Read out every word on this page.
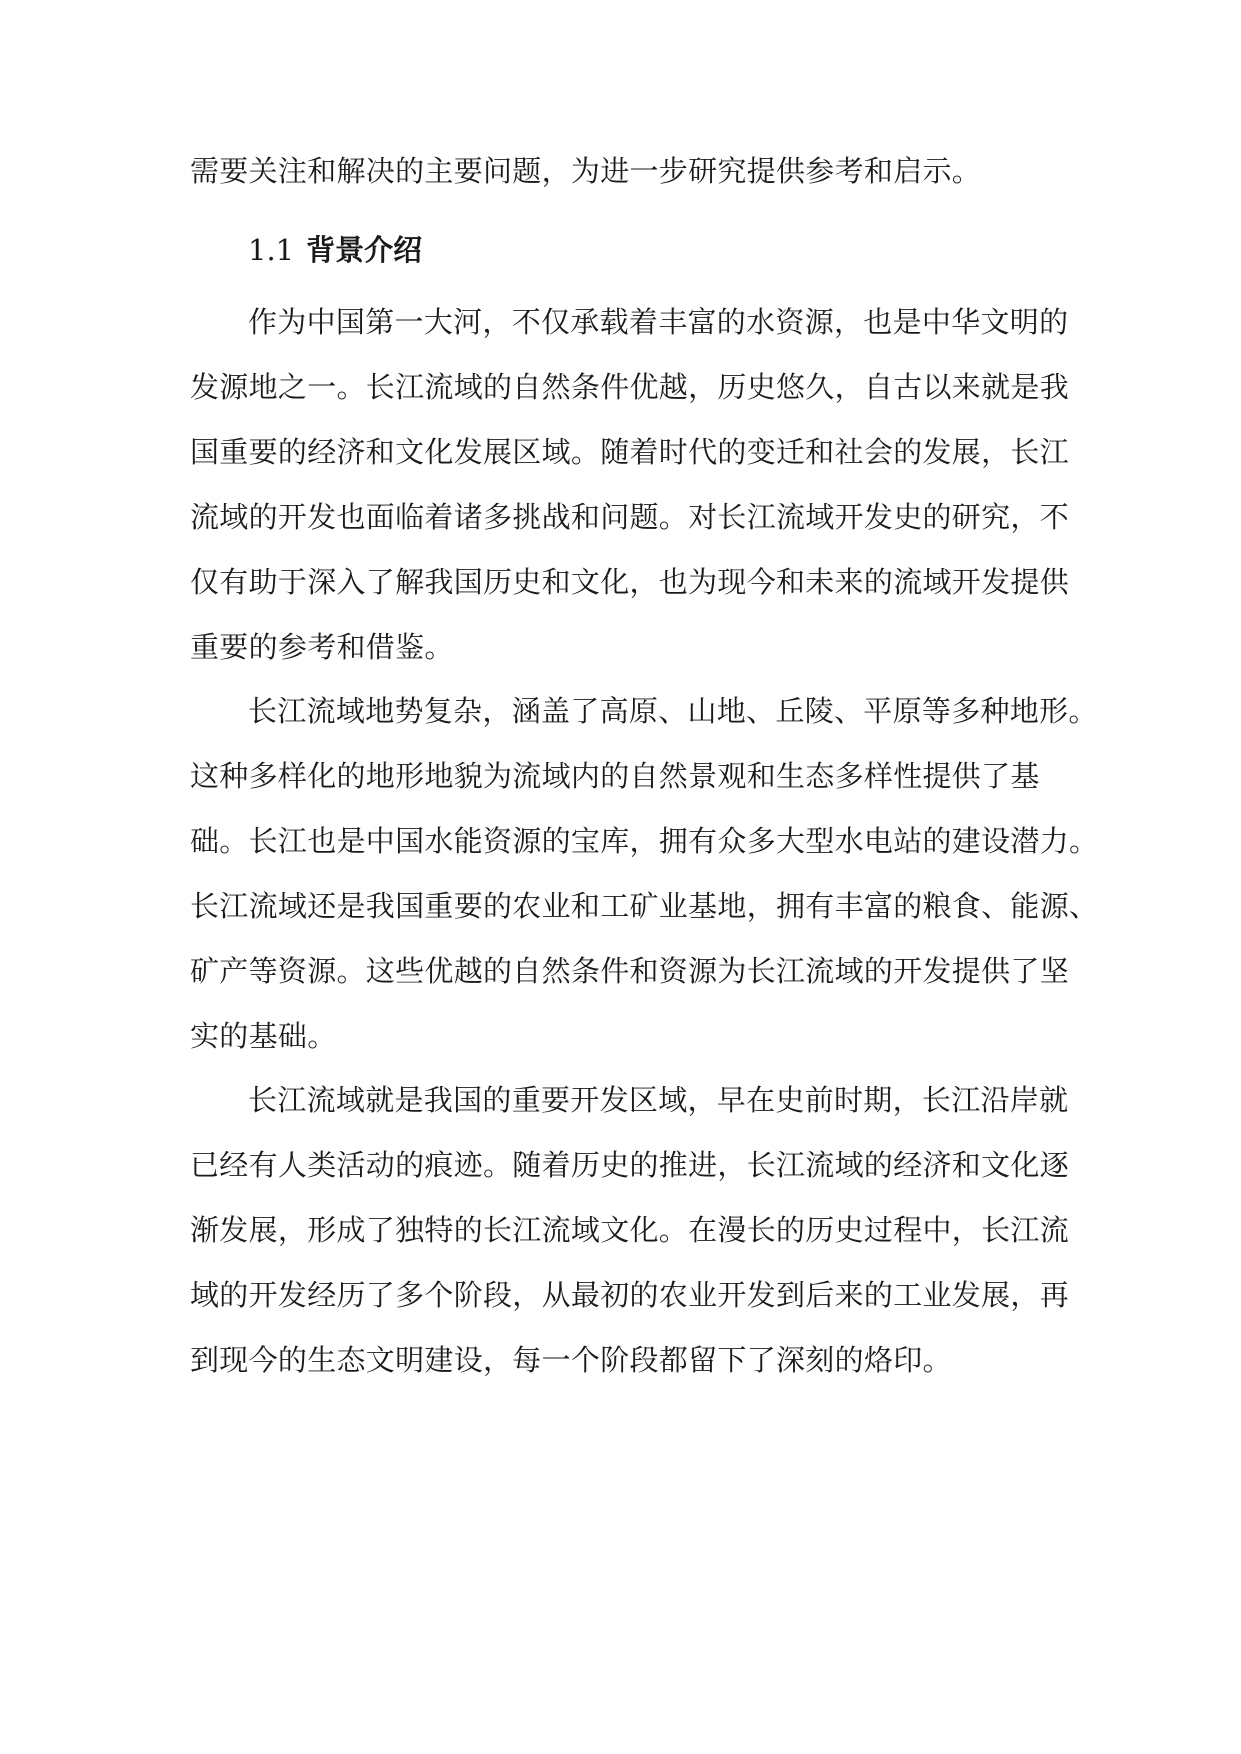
需要关注和解决的主要问题，为进一步研究提供参考和启示。
1.1 背景介绍
作为中国第一大河，不仅承载着丰富的水资源，也是中华文明的
发源地之一。长江流域的自然条件优越，历史悠久，自古以来就是我
国重要的经济和文化发展区域。随着时代的变迁和社会的发展，长江
流域的开发也面临着诸多挑战和问题。对长江流域开发史的研究，不
仅有助于深入了解我国历史和文化，也为现今和未来的流域开发提供
重要的参考和借鉴。
长江流域地势复杂，涵盖了高原、山地、丘陵、平原等多种地形。
这种多样化的地形地貌为流域内的自然景观和生态多样性提供了基
础。长江也是中国水能资源的宝库，拥有众多大型水电站的建设潜力。
长江流域还是我国重要的农业和工矿业基地，拥有丰富的粮食、能源、
矿产等资源。这些优越的自然条件和资源为长江流域的开发提供了坚
实的基础。
长江流域就是我国的重要开发区域，早在史前时期，长江沿岸就
已经有人类活动的痕迹。随着历史的推进，长江流域的经济和文化逐
渐发展，形成了独特的长江流域文化。在漫长的历史过程中，长江流
域的开发经历了多个阶段，从最初的农业开发到后来的工业发展，再
到现今的生态文明建设，每一个阶段都留下了深刻的烙印。
